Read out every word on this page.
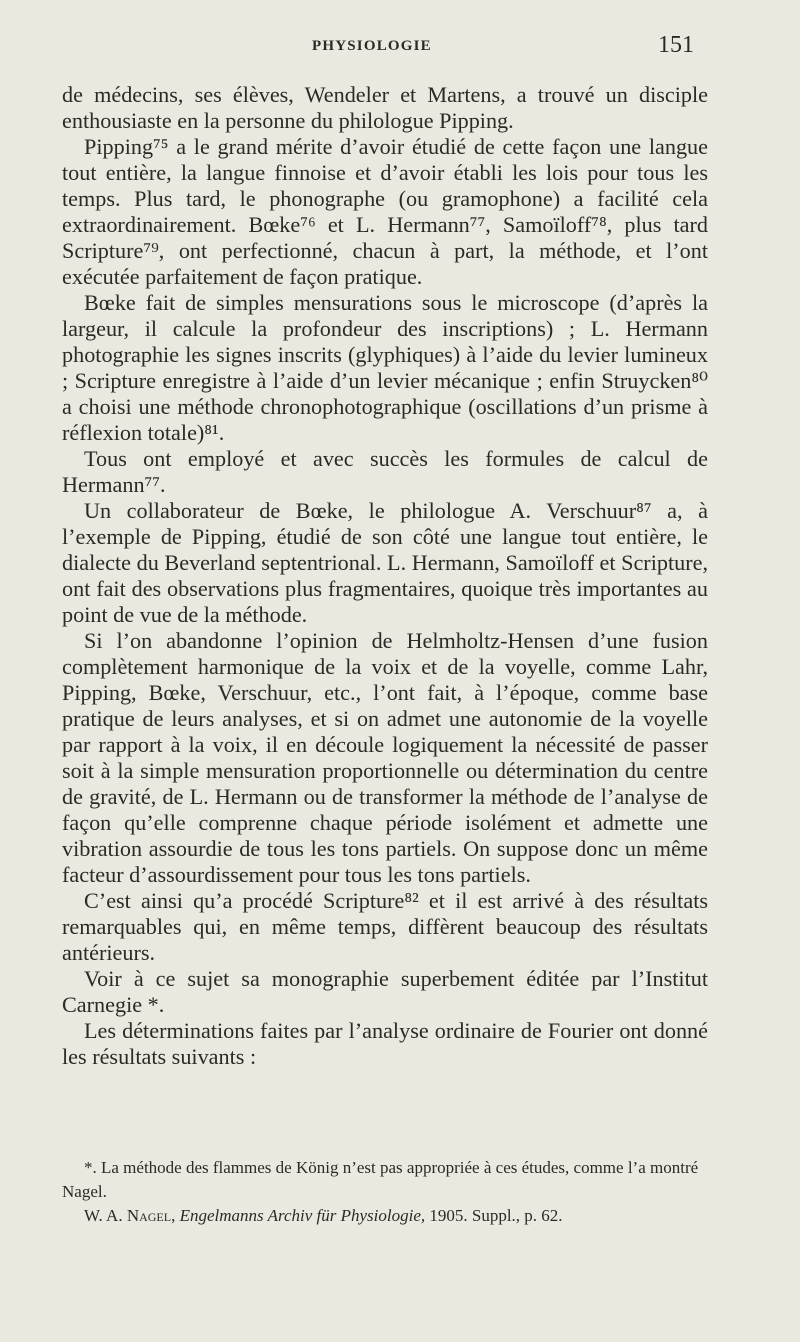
PHYSIOLOGIE	151

de médecins, ses élèves, Wendeler et Martens, a trouvé un disciple enthousiaste en la personne du philologue Pipping.

Pipping⁷⁵ a le grand mérite d’avoir étudié de cette façon une langue tout entière, la langue finnoise et d’avoir établi les lois pour tous les temps. Plus tard, le phonographe (ou gramophone) a facilité cela extraordinairement. Bœke⁷⁶ et L. Hermann⁷⁷, Samoïloff⁷⁸, plus tard Scripture⁷⁹, ont perfectionné, chacun à part, la méthode, et l’ont exécutée parfaitement de façon pratique.

Bœke fait de simples mensurations sous le microscope (d’après la largeur, il calcule la profondeur des inscriptions) ; L. Hermann photographie les signes inscrits (glyphiques) à l’aide du levier lumineux ; Scripture enregistre à l’aide d’un levier mécanique ; enfin Struycken⁸⁰ a choisi une méthode chronophotographique (oscillations d’un prisme à réflexion totale)⁸¹.

Tous ont employé et avec succès les formules de calcul de Hermann⁷⁷.

Un collaborateur de Bœke, le philologue A. Verschuur⁸⁷ a, à l’exemple de Pipping, étudié de son côté une langue tout entière, le dialecte du Beverland septentrional. L. Hermann, Samoïloff et Scripture, ont fait des observations plus fragmentaires, quoique très importantes au point de vue de la méthode.

Si l’on abandonne l’opinion de Helmholtz-Hensen d’une fusion complètement harmonique de la voix et de la voyelle, comme Lahr, Pipping, Bœke, Verschuur, etc., l’ont fait, à l’époque, comme base pratique de leurs analyses, et si on admet une autonomie de la voyelle par rapport à la voix, il en découle logiquement la nécessité de passer soit à la simple mensuration proportionnelle ou détermination du centre de gravité, de L. Hermann ou de transformer la méthode de l’analyse de façon qu’elle comprenne chaque période isolément et admette une vibration assourdie de tous les tons partiels. On suppose donc un même facteur d’assourdissement pour tous les tons partiels.

C’est ainsi qu’a procédé Scripture⁸² et il est arrivé à des résultats remarquables qui, en même temps, diffèrent beaucoup des résultats antérieurs.

Voir à ce sujet sa monographie superbement éditée par l’Institut Carnegie *.

Les déterminations faites par l’analyse ordinaire de Fourier ont donné les résultats suivants :

*. La méthode des flammes de König n’est pas appropriée à ces études, comme l’a montré Nagel.

W. A. Nagel, Engelmanns Archiv für Physiologie, 1905. Suppl., p. 62.
